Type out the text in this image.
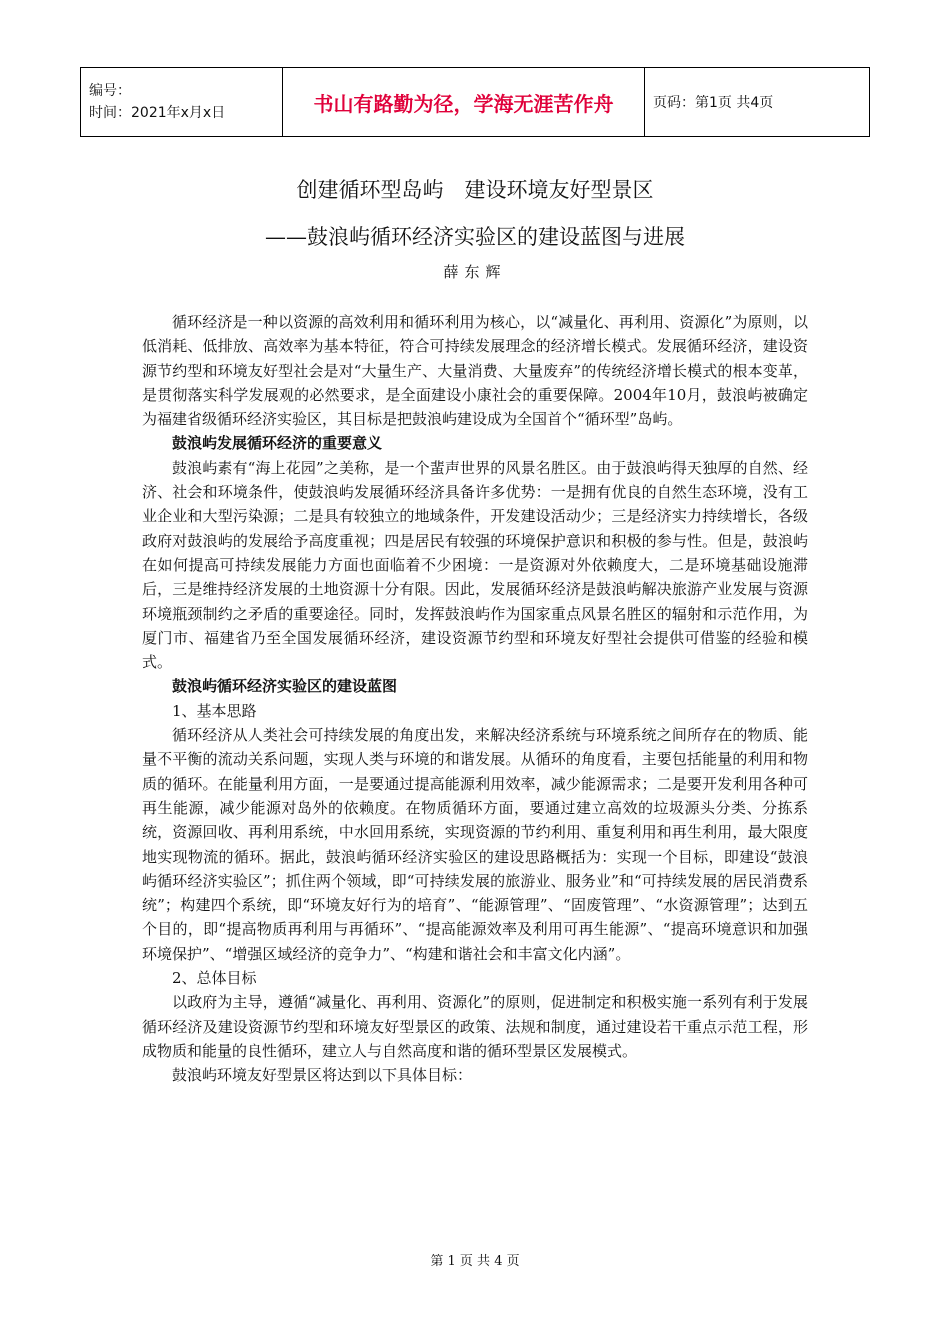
编号：
时间：2021年x月x日	书山有路勤为径，学海无涯苦作舟	页码：第1页 共4页
创建循环型岛屿　建设环境友好型景区
——鼓浪屿循环经济实验区的建设蓝图与进展
薛东辉

循环经济是一种以资源的高效利用和循环利用为核心，以“减量化、再利用、资源化”为原则，以低消耗、低排放、高效率为基本特征，符合可持续发展理念的经济增长模式。发展循环经济，建设资源节约型和环境友好型社会是对“大量生产、大量消费、大量废弃”的传统经济增长模式的根本变革，是贯彻落实科学发展观的必然要求，是全面建设小康社会的重要保障。2004年10月，鼓浪屿被确定为福建省级循环经济实验区，其目标是把鼓浪屿建设成为全国首个“循环型”岛屿。

鼓浪屿发展循环经济的重要意义

鼓浪屿素有“海上花园”之美称，是一个蜚声世界的风景名胜区。由于鼓浪屿得天独厚的自然、经济、社会和环境条件，使鼓浪屿发展循环经济具备许多优势：一是拥有优良的自然生态环境，没有工业企业和大型污染源；二是具有较独立的地域条件，开发建设活动少；三是经济实力持续增长，各级政府对鼓浪屿的发展给予高度重视；四是居民有较强的环境保护意识和积极的参与性。但是，鼓浪屿在如何提高可持续发展能力方面也面临着不少困境：一是资源对外依赖度大，二是环境基础设施滞后，三是维持经济发展的土地资源十分有限。因此，发展循环经济是鼓浪屿解决旅游产业发展与资源环境瓶颈制约之矛盾的重要途径。同时，发挥鼓浪屿作为国家重点风景名胜区的辐射和示范作用，为厦门市、福建省乃至全国发展循环经济，建设资源节约型和环境友好型社会提供可借鉴的经验和模式。

鼓浪屿循环经济实验区的建设蓝图

1、基本思路

循环经济从人类社会可持续发展的角度出发，来解决经济系统与环境系统之间所存在的物质、能量不平衡的流动关系问题，实现人类与环境的和谐发展。从循环的角度看，主要包括能量的利用和物质的循环。在能量利用方面，一是要通过提高能源利用效率，减少能源需求；二是要开发利用各种可再生能源，减少能源对岛外的依赖度。在物质循环方面，要通过建立高效的垃圾源头分类、分拣系统，资源回收、再利用系统，中水回用系统，实现资源的节约利用、重复利用和再生利用，最大限度地实现物流的循环。据此，鼓浪屿循环经济实验区的建设思路概括为：实现一个目标，即建设“鼓浪屿循环经济实验区”；抓住两个领域，即“可持续发展的旅游业、服务业”和“可持续发展的居民消费系统”；构建四个系统，即“环境友好行为的培育”、“能源管理”、“固废管理”、“水资源管理”；达到五个目的，即“提高物质再利用与再循环”、“提高能源效率及利用可再生能源”、“提高环境意识和加强环境保护”、“增强区域经济的竞争力”、“构建和谐社会和丰富文化内涵”。

2、总体目标

以政府为主导，遵循“减量化、再利用、资源化”的原则，促进制定和积极实施一系列有利于发展循环经济及建设资源节约型和环境友好型景区的政策、法规和制度，通过建设若干重点示范工程，形成物质和能量的良性循环，建立人与自然高度和谐的循环型景区发展模式。

鼓浪屿环境友好型景区将达到以下具体目标：

第 1 页 共 4 页
